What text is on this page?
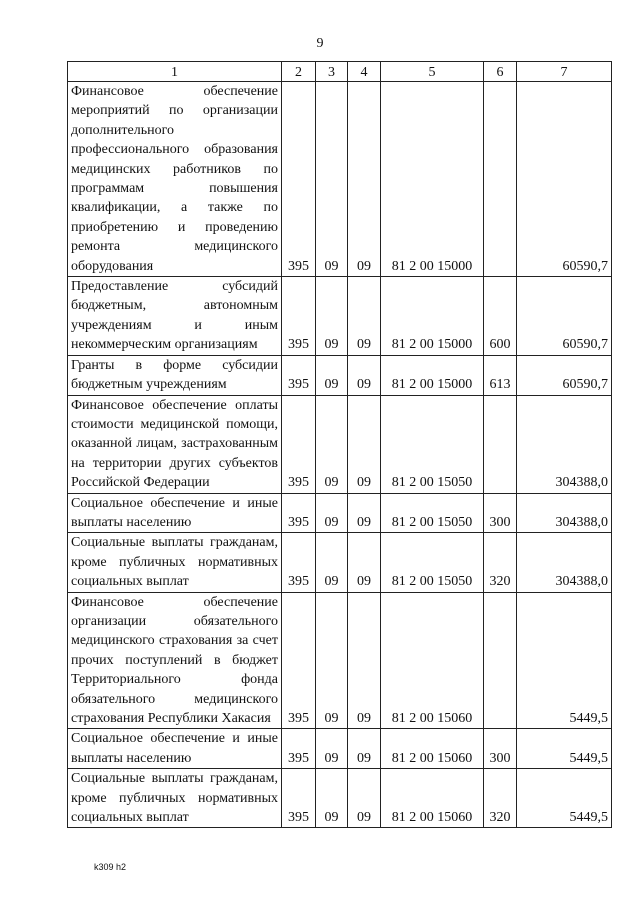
9
1	2	3	4	5	6	7
Финансовое обеспечение мероприятий по организации дополнительного профессионального образования медицинских работников по программам повышения квалификации, а также по приобретению и проведению ремонта медицинского оборудования	395	09	09	81 2 00 15000		60590,7
Предоставление субсидий бюджетным, автономным учреждениям и иным некоммерческим организациям	395	09	09	81 2 00 15000	600	60590,7
Гранты в форме субсидии бюджетным учреждениям	395	09	09	81 2 00 15000	613	60590,7
Финансовое обеспечение оплаты стоимости медицинской помощи, оказанной лицам, застрахованным на территории других субъектов Российской Федерации	395	09	09	81 2 00 15050		304388,0
Социальное обеспечение и иные выплаты населению	395	09	09	81 2 00 15050	300	304388,0
Социальные выплаты гражданам, кроме публичных нормативных социальных выплат	395	09	09	81 2 00 15050	320	304388,0
Финансовое обеспечение организации обязательного медицинского страхования за счет прочих поступлений в бюджет Территориального фонда обязательного медицинского страхования Республики Хакасия	395	09	09	81 2 00 15060		5449,5
Социальное обеспечение и иные выплаты населению	395	09	09	81 2 00 15060	300	5449,5
Социальные выплаты гражданам, кроме публичных нормативных социальных выплат	395	09	09	81 2 00 15060	320	5449,5
k309 h2
